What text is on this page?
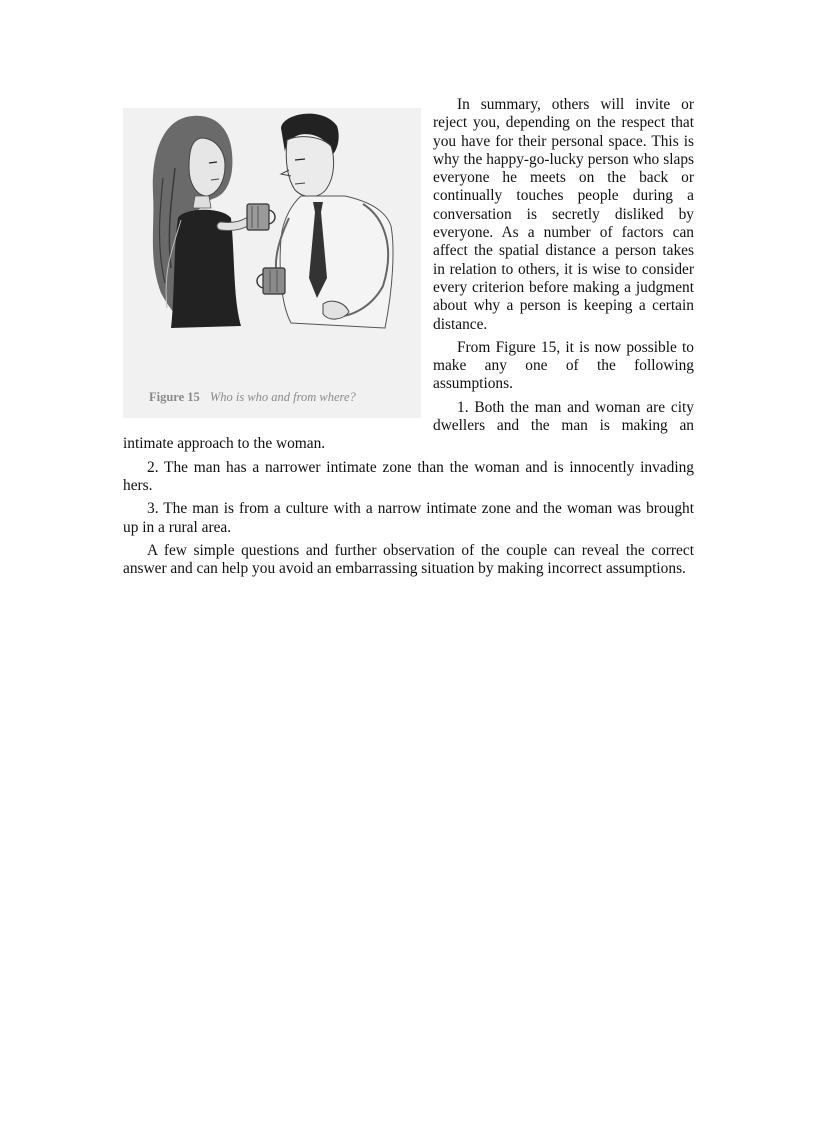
Figure 15 Who is who and from where?

In summary, others will invite or reject you, depending on the respect that you have for their personal space. This is why the happy-go-lucky person who slaps everyone he meets on the back or continually touches people during a conversation is secretly disliked by everyone. As a number of factors can affect the spatial distance a person takes in relation to others, it is wise to consider every criterion before making a judgment about why a person is keeping a certain distance.

From Figure 15, it is now possible to make any one of the following assumptions.

1. Both the man and woman are city dwellers and the man is making an intimate approach to the woman.

2. The man has a narrower intimate zone than the woman and is innocently invading hers.

3. The man is from a culture with a narrow intimate zone and the woman was brought up in a rural area.

A few simple questions and further observation of the couple can reveal the correct answer and can help you avoid an embarrassing situation by making incorrect assumptions.
